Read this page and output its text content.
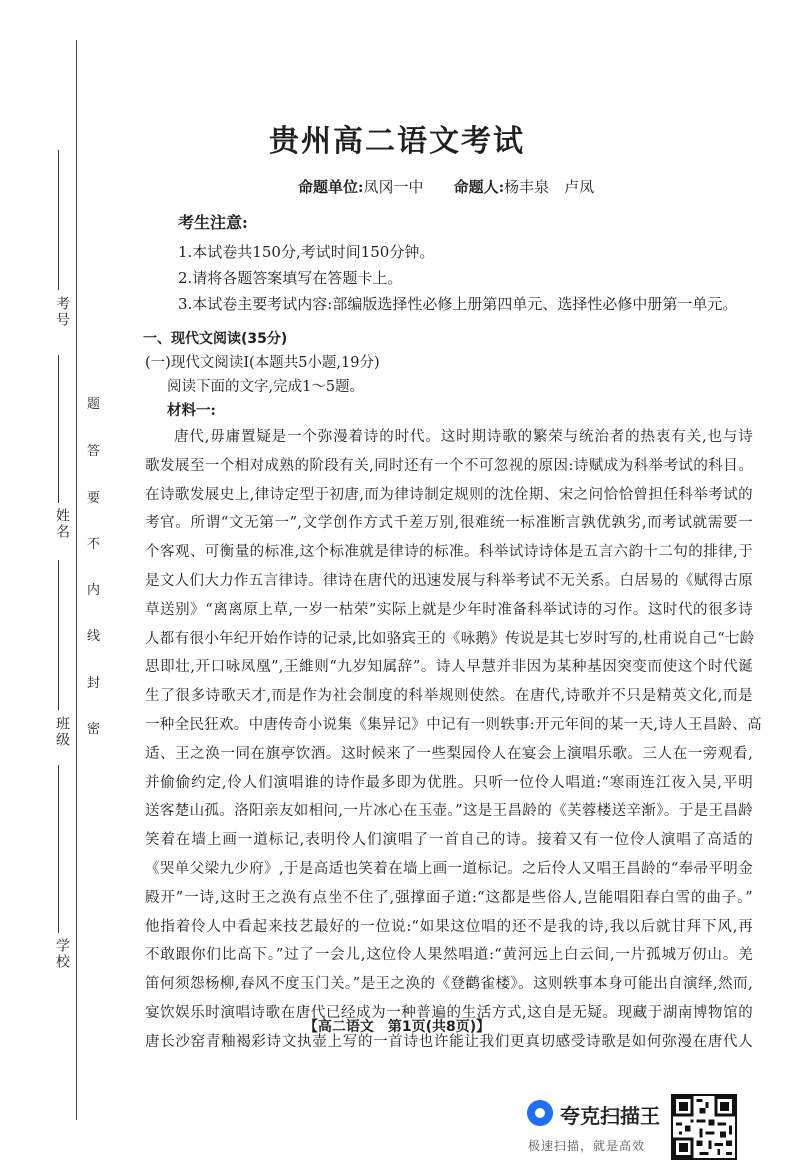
考号
姓名
班级
学校
题
答
要
不
内
线
封
密
贵州高二语文考试
命题单位:凤冈一中 命题人:杨丰泉　卢凤
考生注意:
1.本试卷共150分,考试时间150分钟。
2.请将各题答案填写在答题卡上。
3.本试卷主要考试内容:部编版选择性必修上册第四单元、选择性必修中册第一单元。
一、现代文阅读(35分)
(一)现代文阅读Ⅰ(本题共5小题,19分)
阅读下面的文字,完成1～5题。
材料一:
唐代,毋庸置疑是一个弥漫着诗的时代。这时期诗歌的繁荣与统治者的热衷有关,也与诗
歌发展至一个相对成熟的阶段有关,同时还有一个不可忽视的原因:诗赋成为科举考试的科目。
在诗歌发展史上,律诗定型于初唐,而为律诗制定规则的沈佺期、宋之问恰恰曾担任科举考试的
考官。所谓“文无第一”,文学创作方式千差万别,很难统一标准断言孰优孰劣,而考试就需要一
个客观、可衡量的标准,这个标准就是律诗的标准。科举试诗诗体是五言六韵十二句的排律,于
是文人们大力作五言律诗。律诗在唐代的迅速发展与科举考试不无关系。白居易的《赋得古原
草送别》“离离原上草,一岁一枯荣”实际上就是少年时准备科举试诗的习作。这时代的很多诗
人都有很小年纪开始作诗的记录,比如骆宾王的《咏鹅》传说是其七岁时写的,杜甫说自己“七龄
思即壮,开口咏凤凰”,王維则“九岁知属辞”。诗人早慧并非因为某种基因突变而使这个时代诞
生了很多诗歌天才,而是作为社会制度的科举规则使然。在唐代,诗歌并不只是精英文化,而是
一种全民狂欢。中唐传奇小说集《集异记》中记有一则轶事:开元年间的某一天,诗人王昌龄、高
适、王之涣一同在旗亭饮酒。这时候来了一些梨园伶人在宴会上演唱乐歌。三人在一旁观看,
并偷偷约定,伶人们演唱谁的诗作最多即为优胜。只听一位伶人唱道:“寒雨连江夜入吴,平明
送客楚山孤。洛阳亲友如相问,一片冰心在玉壶。”这是王昌龄的《芙蓉楼送辛渐》。于是王昌龄
笑着在墙上画一道标记,表明伶人们演唱了一首自己的诗。接着又有一位伶人演唱了高适的
《哭单父梁九少府》,于是高适也笑着在墙上画一道标记。之后伶人又唱王昌龄的“奉帚平明金
殿开”一诗,这时王之涣有点坐不住了,强撑面子道:“这都是些俗人,岂能唱阳春白雪的曲子。”
他指着伶人中看起来技艺最好的一位说:“如果这位唱的还不是我的诗,我以后就甘拜下风,再
不敢跟你们比高下。”过了一会儿,这位伶人果然唱道:“黄河远上白云间,一片孤城万仞山。羌
笛何须怨杨柳,春风不度玉门关。”是王之涣的《登鹳雀楼》。这则轶事本身可能出自演绎,然而,
宴饮娱乐时演唱诗歌在唐代已经成为一种普遍的生活方式,这自是无疑。现藏于湖南博物馆的
唐长沙窑青釉褐彩诗文执壶上写的一首诗也许能让我们更真切感受诗歌是如何弥漫在唐代人
【高二语文　第1页(共8页)】
夸克扫描王
极速扫描，就是高效
